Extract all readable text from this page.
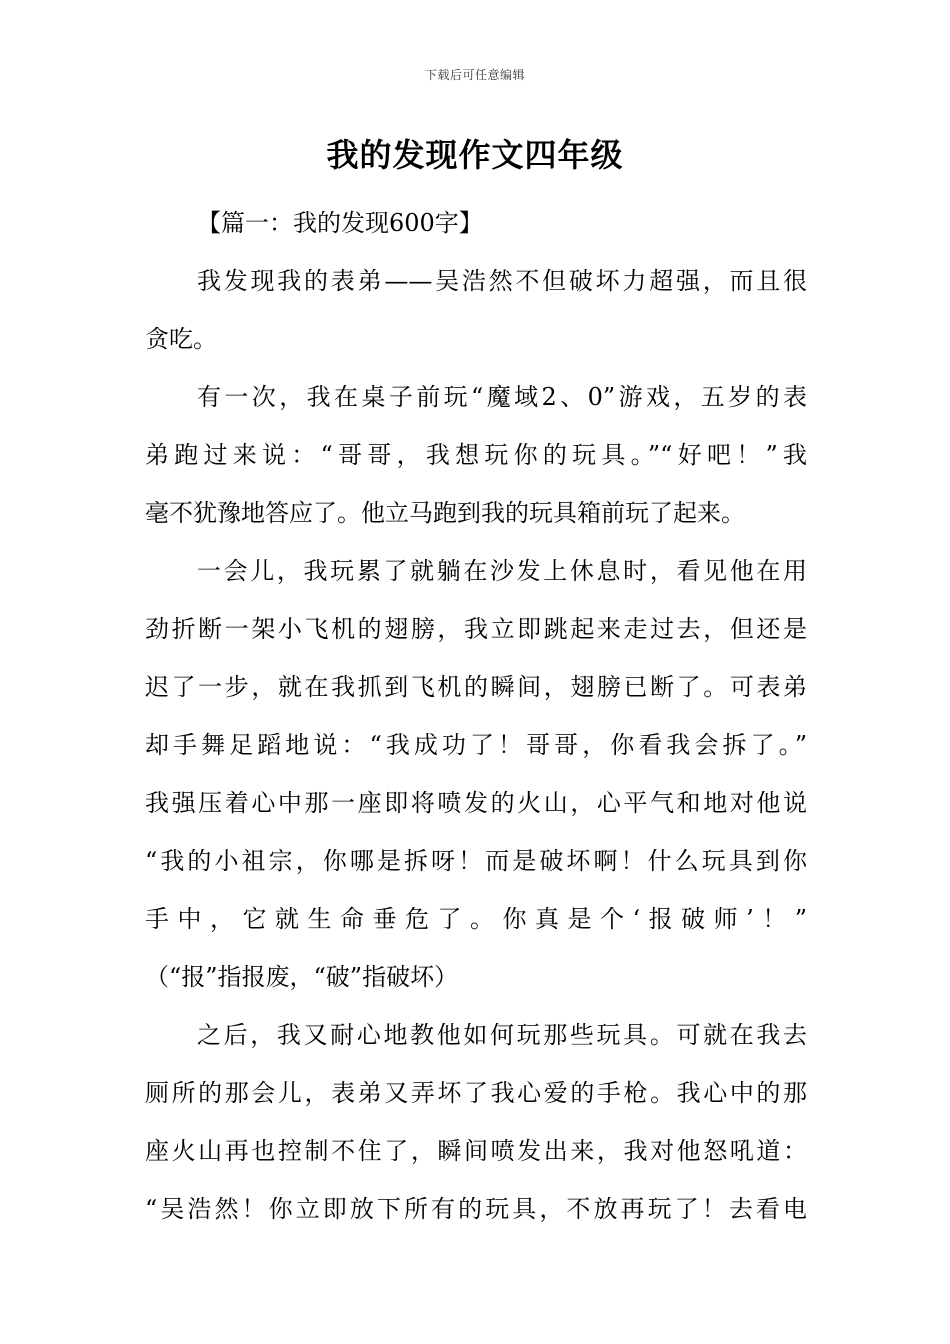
下载后可任意编辑
我的发现作文四年级
【篇一：我的发现600字】
我发现我的表弟——吴浩然不但破坏力超强，而且很
贪吃。
有一次，我在桌子前玩“魔域2、0”游戏，五岁的表
弟跑过来说：“哥哥，我想玩你的玩具。”“好吧！”我
毫不犹豫地答应了。他立马跑到我的玩具箱前玩了起来。
一会儿，我玩累了就躺在沙发上休息时，看见他在用
劲折断一架小飞机的翅膀，我立即跳起来走过去，但还是
迟了一步，就在我抓到飞机的瞬间，翅膀已断了。可表弟
却手舞足蹈地说：“我成功了！哥哥，你看我会拆了。”
我强压着心中那一座即将喷发的火山，心平气和地对他说
“我的小祖宗，你哪是拆呀！而是破坏啊！什么玩具到你
手中，它就生命垂危了。你真是个‘报破师’！”
（“报”指报废，“破”指破坏）
之后，我又耐心地教他如何玩那些玩具。可就在我去
厕所的那会儿，表弟又弄坏了我心爱的手枪。我心中的那
座火山再也控制不住了，瞬间喷发出来，我对他怒吼道：
“吴浩然！你立即放下所有的玩具，不放再玩了！去看电
